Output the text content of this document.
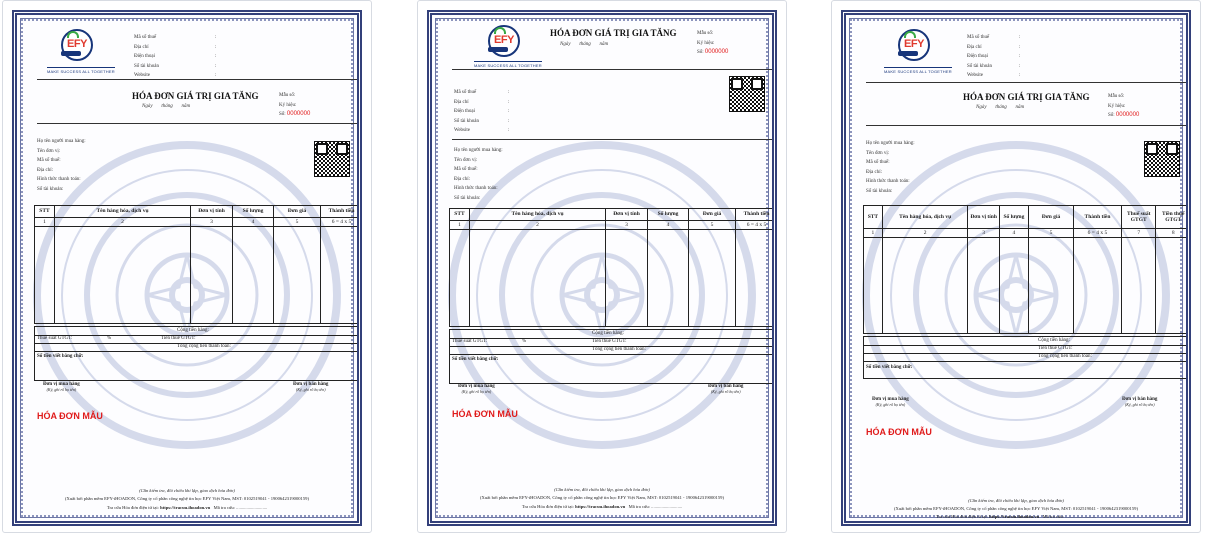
EFY
MAKE SUCCESS ALL TOGETHER
Mã số thuế
Địa chỉ
Điện thoại
Số tài khoản
Website
:
:
:
:
:
HÓA ĐƠN GIÁ TRỊ GIA TĂNG
Ngày tháng năm
Mẫu số:
Ký hiệu:
Số: 0000000
Họ tên người mua hàng:
Tên đơn vị:
Mã số thuế:
Địa chỉ:
Hình thức thanh toán:
Số tài khoản:
STT	Tên hàng hóa, dịch vụ	Đơn vị tính	Số lượng	Đơn giá	Thành tiền
1	2	3	4	5	6 = 4 x 5

Cộng tiền hàng:
Thuế suất GTGT:	%	Tiền thuế GTGT:
Tổng cộng tiền thanh toán:
Số tiền viết bằng chữ:
Đơn vị mua hàng
(Ký, ghi rõ họ tên)
Đơn vị bán hàng
(Ký, ghi rõ họ tên)
HÓA ĐƠN MẪU
(Cần kiểm tra, đối chiếu khi lập, giao dịch hóa đơn)
(Xuất bởi phần mềm EFY-iHOADON, Công ty cổ phần công nghệ tin học EFY Việt Nam, MST: 0102519041 - 1900642319000159)
Tra cứu Hóa đơn điện tử tại: https://tracuu.ihoadon.vn Mã tra cứu: ...........................
EFY
MAKE SUCCESS ALL TOGETHER
HÓA ĐƠN GIÁ TRỊ GIA TĂNG
Ngày tháng năm
Mẫu số:
Ký hiệu:
Số: 0000000
Mã số thuế
Địa chỉ
Điện thoại
Số tài khoản
Website
:
:
:
:
:
Họ tên người mua hàng:
Tên đơn vị:
Mã số thuế:
Địa chỉ:
Hình thức thanh toán:
Số tài khoản:
STT	Tên hàng hóa, dịch vụ	Đơn vị tính	Số lượng	Đơn giá	Thành tiền
1	2	3	4	5	6 = 4 x 5

Cộng tiền hàng:
Thuế suất GTGT:	%	Tiền thuế GTGT:
Tổng cộng tiền thanh toán:
Số tiền viết bằng chữ:
Đơn vị mua hàng
(Ký, ghi rõ họ tên)
Đơn vị bán hàng
(Ký, ghi rõ họ tên)
HÓA ĐƠN MẪU
(Cần kiểm tra, đối chiếu khi lập, giao dịch hóa đơn)
(Xuất bởi phần mềm EFY-iHOADON, Công ty cổ phần công nghệ tin học EFY Việt Nam, MST: 0102519041 - 1900642319000159)
Tra cứu Hóa đơn điện tử tại: https://tracuu.ihoadon.vn Mã tra cứu: ...........................
EFY
MAKE SUCCESS ALL TOGETHER
Mã số thuế
Địa chỉ
Điện thoại
Số tài khoản
Website
:
:
:
:
:
HÓA ĐƠN GIÁ TRỊ GIA TĂNG
Ngày tháng năm
Mẫu số:
Ký hiệu:
Số: 0000000
Họ tên người mua hàng:
Tên đơn vị:
Mã số thuế:
Địa chỉ:
Hình thức thanh toán:
Số tài khoản:
STT	Tên hàng hóa, dịch vụ	Đơn vị tính	Số lượng	Đơn giá	Thành tiền	Thuế suất GTGT	Tiền thuế GTGT
1	2	3	4	5	6 = 4 x 5	7	8

Cộng tiền hàng:
Tiền thuế GTGT:
Tổng cộng tiền thanh toán:
Số tiền viết bằng chữ:
Đơn vị mua hàng
(Ký, ghi rõ họ tên)
Đơn vị bán hàng
(Ký, ghi rõ họ tên)
HÓA ĐƠN MẪU
(Cần kiểm tra, đối chiếu khi lập, giao dịch hóa đơn)
(Xuất bởi phần mềm EFY-iHOADON, Công ty cổ phần công nghệ tin học EFY Việt Nam, MST: 0102519041 - 1900642319000159)
Tra cứu Hóa đơn điện tử tại: https://tracuu.ihoadon.vn Mã tra cứu: ...........................
